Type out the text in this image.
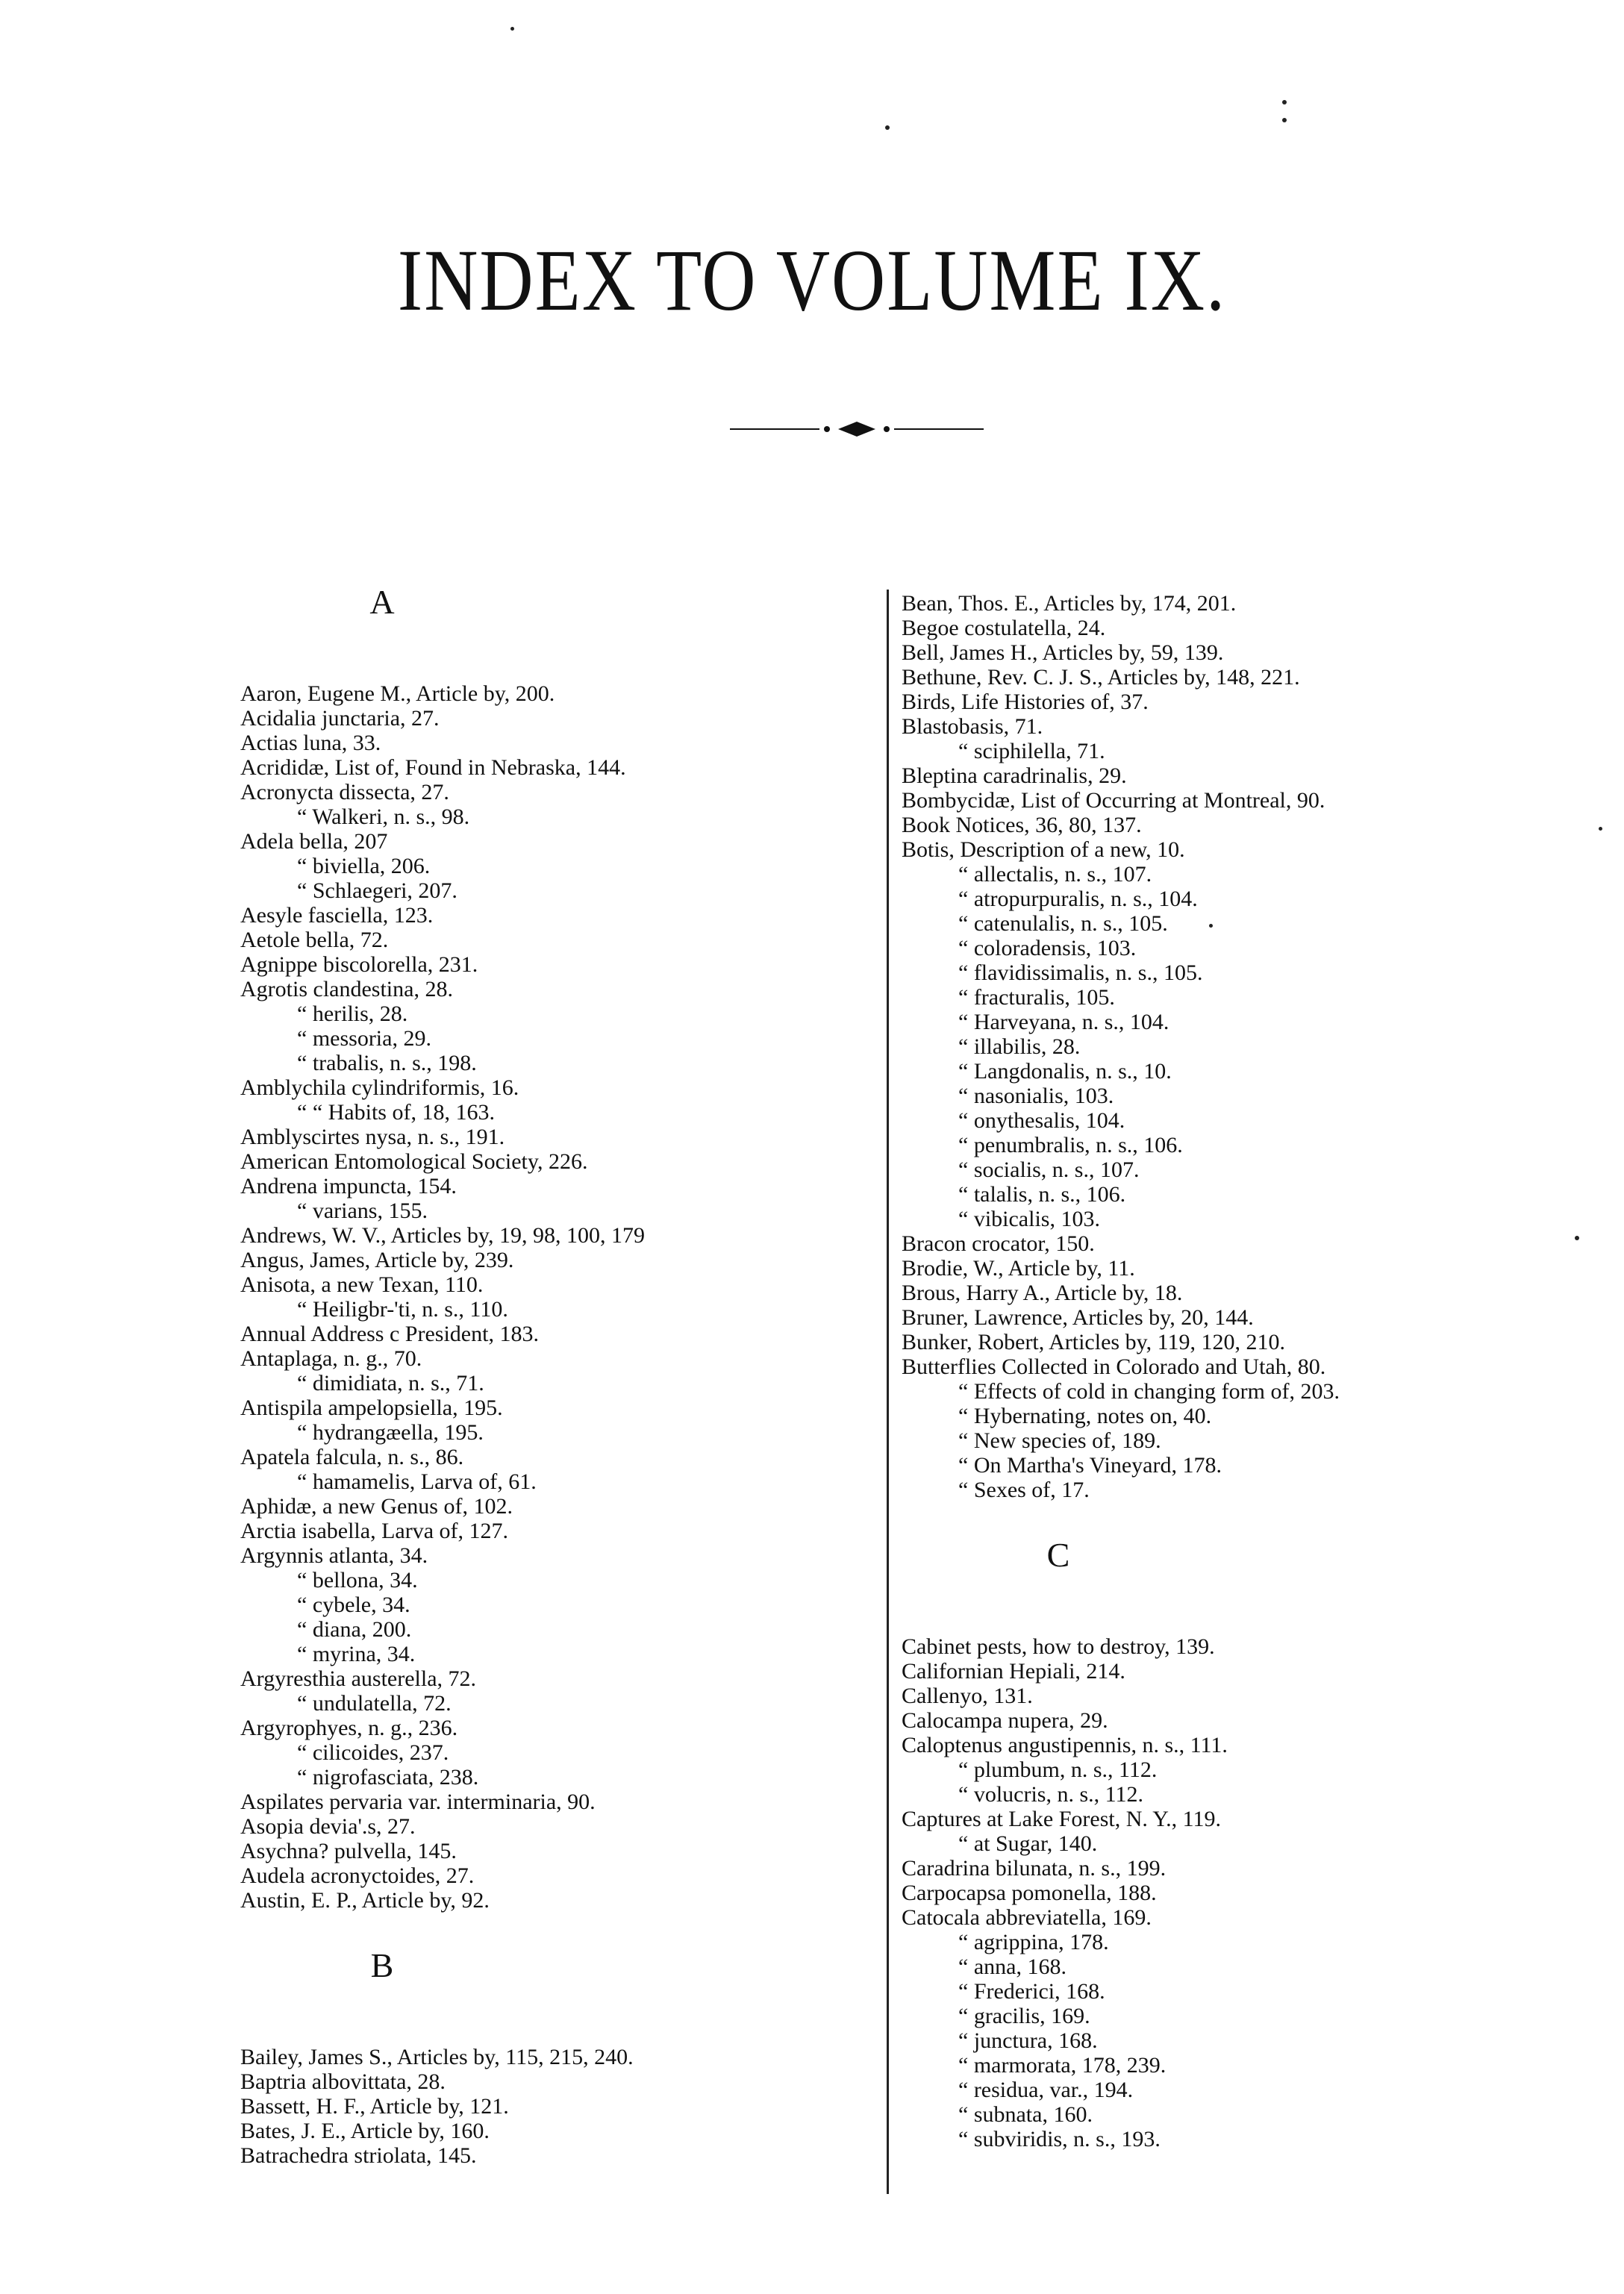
INDEX TO VOLUME IX.
A
Aaron, Eugene M., Article by, 200.
Acidalia junctaria, 27.
Actias luna, 33.
Acrididæ, List of, Found in Nebraska, 144.
Acronycta dissecta, 27.
“ Walkeri, n. s., 98.
Adela bella, 207
“ biviella, 206.
“ Schlaegeri, 207.
Aesyle fasciella, 123.
Aetole bella, 72.
Agnippe biscolorella, 231.
Agrotis clandestina, 28.
“ herilis, 28.
“ messoria, 29.
“ trabalis, n. s., 198.
Amblychila cylindriformis, 16.
“ “ Habits of, 18, 163.
Amblyscirtes nysa, n. s., 191.
American Entomological Society, 226.
Andrena impuncta, 154.
“ varians, 155.
Andrews, W. V., Articles by, 19, 98, 100, 179
Angus, James, Article by, 239.
Anisota, a new Texan, 110.
“ Heiligbr⁠-'ti, n. s., 110.
Annual Address c President, 183.
Antaplaga, n. g., 70.
“ dimidiata, n. s., 71.
Antispila ampelopsiella, 195.
“ hydrangæella, 195.
Apatela falcula, n. s., 86.
“ hamamelis, Larva of, 61.
Aphidæ, a new Genus of, 102.
Arctia isabella, Larva of, 127.
Argynnis atlanta, 34.
“ bellona, 34.
“ cybele, 34.
“ diana, 200.
“ myrina, 34.
Argyresthia austerella, 72.
“ undulatella, 72.
Argyrophyes, n. g., 236.
“ cilicoides, 237.
“ nigrofasciata, 238.
Aspilates pervaria var. interminaria, 90.
Asopia devia'.s, 27.
Asychna? pulvella, 145.
Audela acronyctoides, 27.
Austin, E. P., Article by, 92.
B
Bailey, James S., Articles by, 115, 215, 240.
Baptria albovittata, 28.
Bassett, H. F., Article by, 121.
Bates, J. E., Article by, 160.
Batrachedra striolata, 145.
Bean, Thos. E., Articles by, 174, 201.
Begoe costulatella, 24.
Bell, James H., Articles by, 59, 139.
Bethune, Rev. C. J. S., Articles by, 148, 221.
Birds, Life Histories of, 37.
Blastobasis, 71.
“ sciphilella, 71.
Bleptina caradrinalis, 29.
Bombycidæ, List of Occurring at Montreal, 90.
Book Notices, 36, 80, 137.
Botis, Description of a new, 10.
“ allectalis, n. s., 107.
“ atropurpuralis, n. s., 104.
“ catenulalis, n. s., 105.
“ coloradensis, 103.
“ flavidissimalis, n. s., 105.
“ fracturalis, 105.
“ Harveyana, n. s., 104.
“ illabilis, 28.
“ Langdonalis, n. s., 10.
“ nasonialis, 103.
“ onythesalis, 104.
“ penumbralis, n. s., 106.
“ socialis, n. s., 107.
“ talalis, n. s., 106.
“ vibicalis, 103.
Bracon crocator, 150.
Brodie, W., Article by, 11.
Brous, Harry A., Article by, 18.
Bruner, Lawrence, Articles by, 20, 144.
Bunker, Robert, Articles by, 119, 120, 210.
Butterflies Collected in Colorado and Utah, 80.
“ Effects of cold in changing form of, 203.
“ Hybernating, notes on, 40.
“ New species of, 189.
“ On Martha's Vineyard, 178.
“ Sexes of, 17.
C
Cabinet pests, how to destroy, 139.
Californian Hepiali, 214.
Callenyo, 131.
Calocampa nupera, 29.
Caloptenus angustipennis, n. s., 111.
“ plumbum, n. s., 112.
“ volucris, n. s., 112.
Captures at Lake Forest, N. Y., 119.
“ at Sugar, 140.
Caradrina bilunata, n. s., 199.
Carpocapsa pomonella, 188.
Catocala abbreviatella, 169.
“ agrippina, 178.
“ anna, 168.
“ Frederici, 168.
“ gracilis, 169.
“ junctura, 168.
“ marmorata, 178, 239.
“ residua, var., 194.
“ subnata, 160.
“ subviridis, n. s., 193.
